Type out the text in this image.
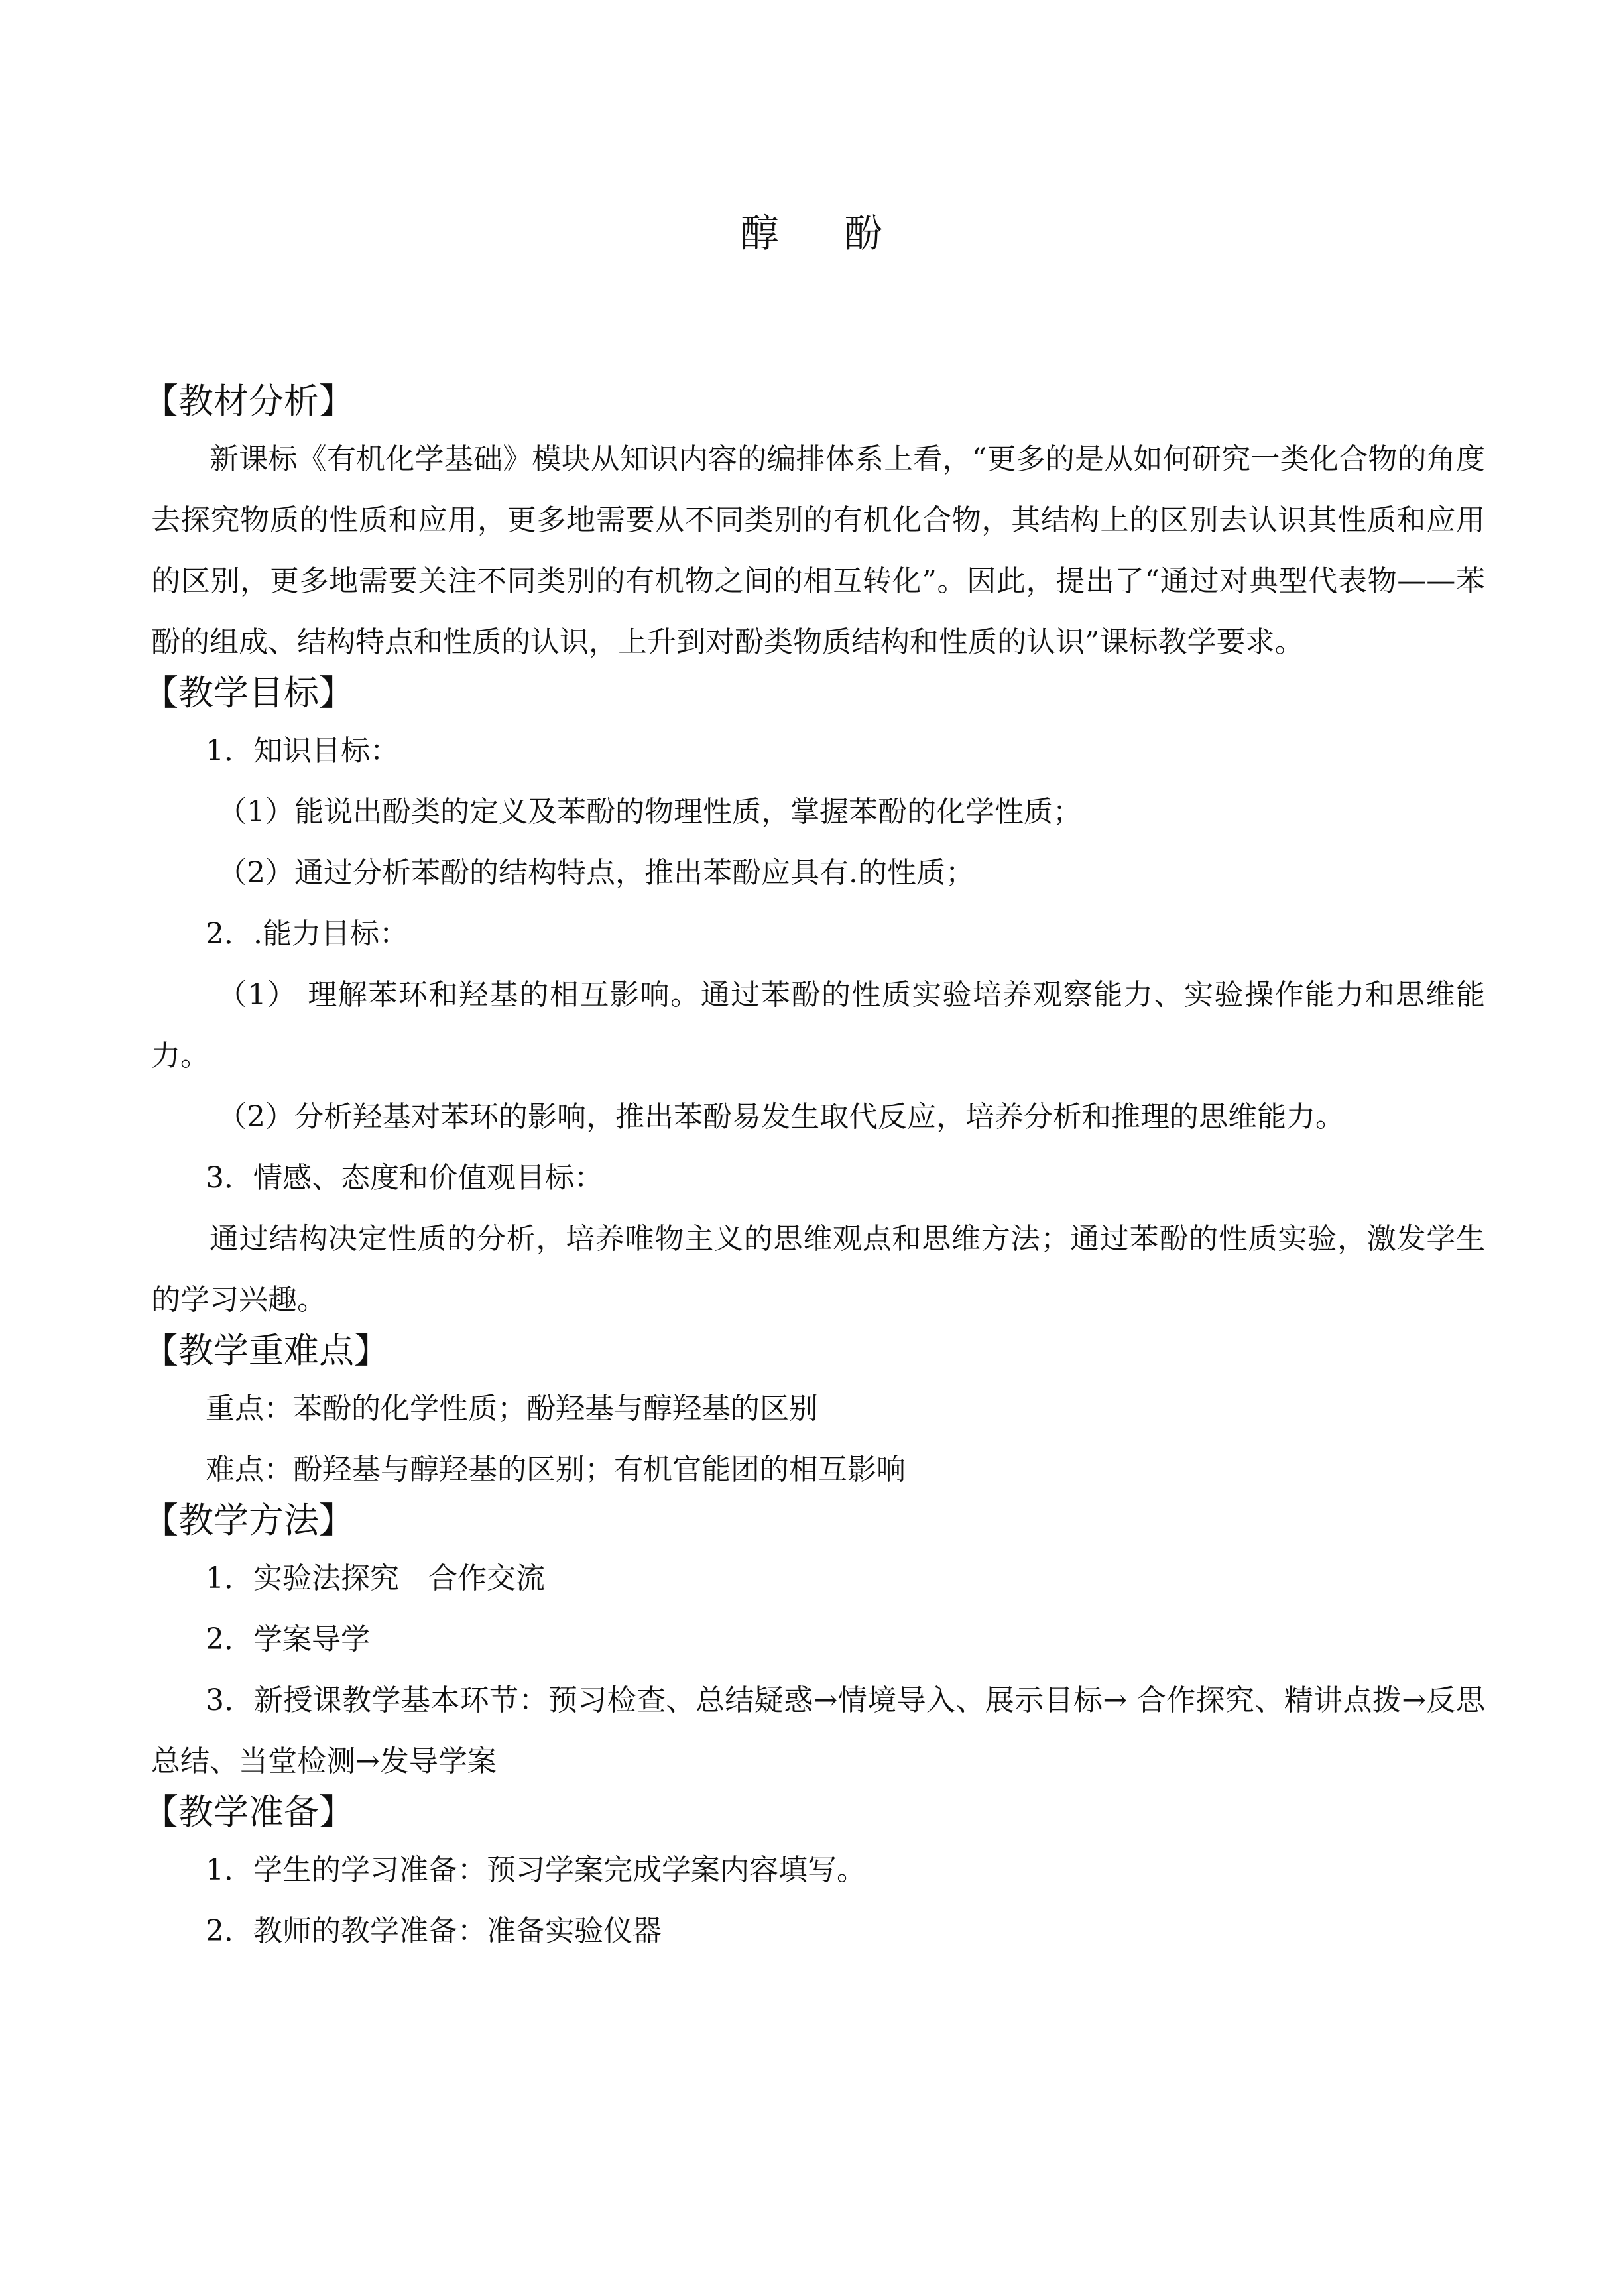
醇 酚
【教材分析】

新课标《有机化学基础》模块从知识内容的编排体系上看，“更多的是从如何研究一类化合物的角度去探究物质的性质和应用，更多地需要从不同类别的有机化合物，其结构上的区别去认识其性质和应用的区别，更多地需要关注不同类别的有机物之间的相互转化”。因此，提出了“通过对典型代表物——苯酚的组成、结构特点和性质的认识，上升到对酚类物质结构和性质的认识”课标教学要求。

【教学目标】

1．知识目标：

（1）能说出酚类的定义及苯酚的物理性质，掌握苯酚的化学性质；

（2）通过分析苯酚的结构特点，推出苯酚应具有.的性质；

2．.能力目标：

（1） 理解苯环和羟基的相互影响。通过苯酚的性质实验培养观察能力、实验操作能力和思维能力。

（2）分析羟基对苯环的影响，推出苯酚易发生取代反应，培养分析和推理的思维能力。

3．情感、态度和价值观目标：

通过结构决定性质的分析，培养唯物主义的思维观点和思维方法；通过苯酚的性质实验，激发学生的学习兴趣。

【教学重难点】

重点：苯酚的化学性质；酚羟基与醇羟基的区别

难点：酚羟基与醇羟基的区别；有机官能团的相互影响

【教学方法】

1．实验法探究　合作交流

2．学案导学

3．新授课教学基本环节：预习检查、总结疑惑→情境导入、展示目标→ 合作探究、精讲点拨→反思总结、当堂检测→发导学案

【教学准备】

1．学生的学习准备：预习学案完成学案内容填写。

2．教师的教学准备：准备实验仪器
